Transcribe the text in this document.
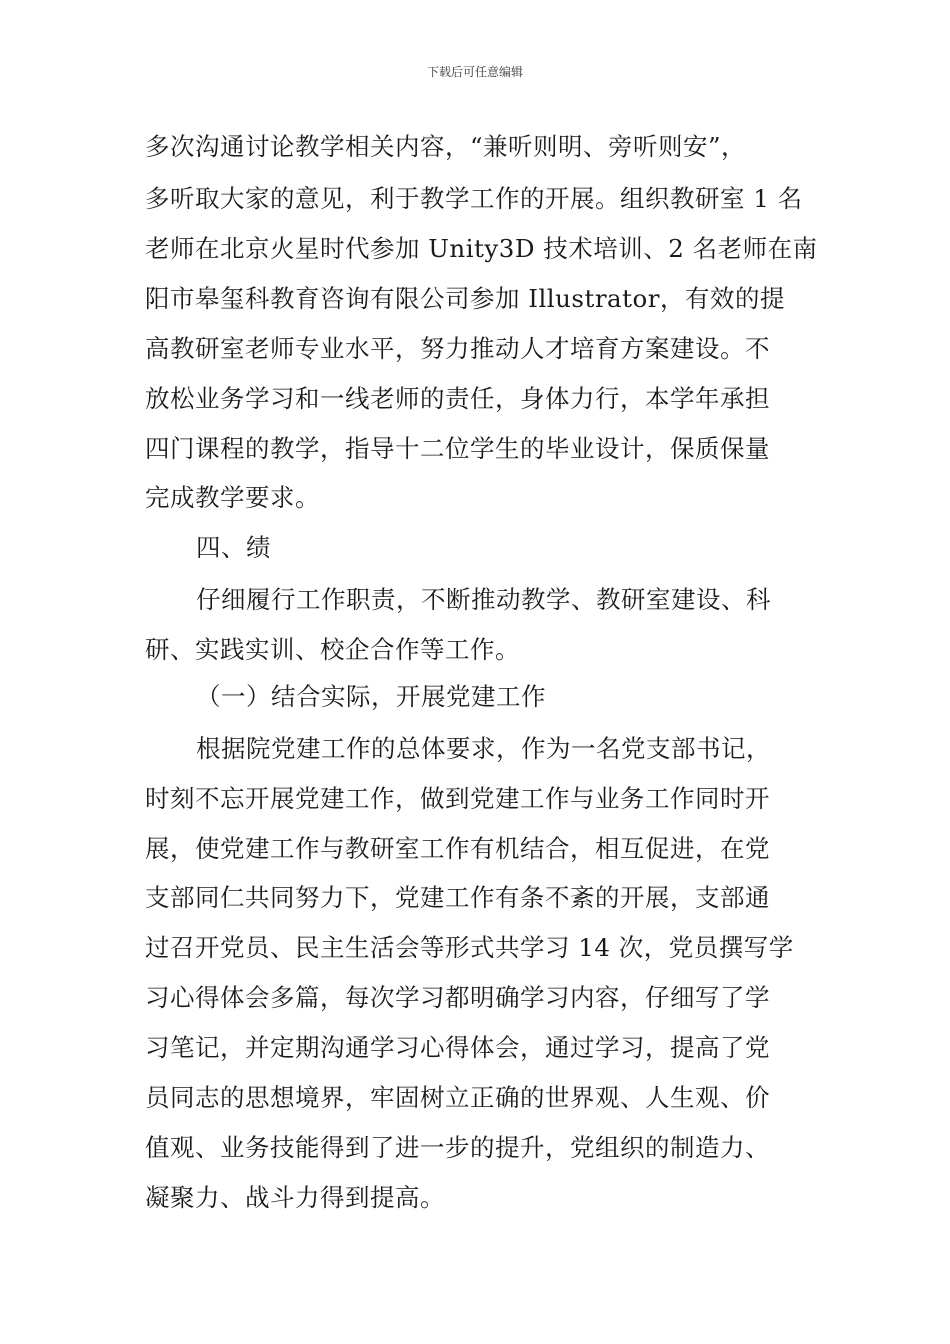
下载后可任意编辑
多次沟通讨论教学相关内容，“兼听则明、旁听则安”，
多听取大家的意见，利于教学工作的开展。组织教研室 1 名
老师在北京火星时代参加 Unity3D 技术培训、2 名老师在南
阳市皋玺科教育咨询有限公司参加 Illustrator，有效的提
高教研室老师专业水平，努力推动人才培育方案建设。不
放松业务学习和一线老师的责任，身体力行，本学年承担
四门课程的教学，指导十二位学生的毕业设计，保质保量
完成教学要求。
四、绩
仔细履行工作职责，不断推动教学、教研室建设、科
研、实践实训、校企合作等工作。
（一）结合实际，开展党建工作
根据院党建工作的总体要求，作为一名党支部书记，
时刻不忘开展党建工作，做到党建工作与业务工作同时开
展，使党建工作与教研室工作有机结合，相互促进，在党
支部同仁共同努力下，党建工作有条不紊的开展，支部通
过召开党员、民主生活会等形式共学习 14 次，党员撰写学
习心得体会多篇，每次学习都明确学习内容，仔细写了学
习笔记，并定期沟通学习心得体会，通过学习，提高了党
员同志的思想境界，牢固树立正确的世界观、人生观、价
值观、业务技能得到了进一步的提升，党组织的制造力、
凝聚力、战斗力得到提高。
